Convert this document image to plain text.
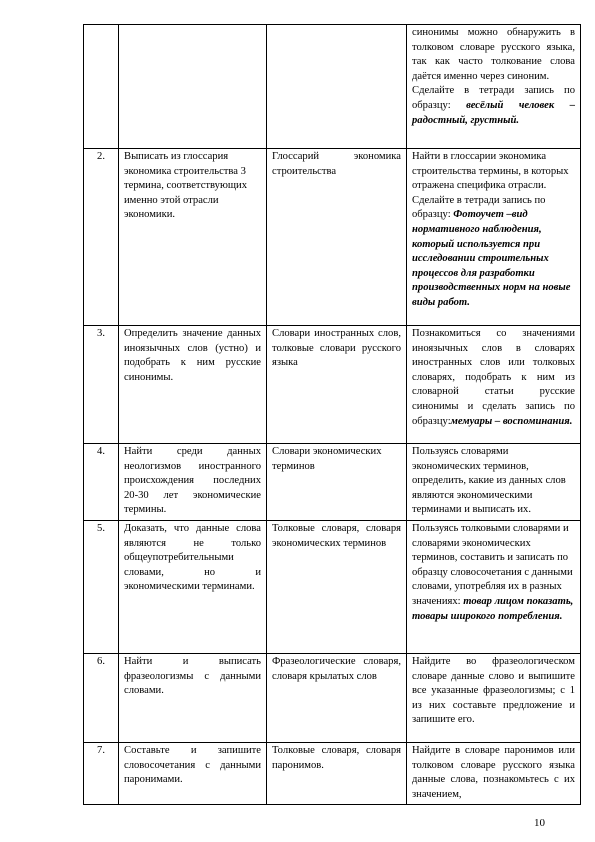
			синонимы можно обнаружить в толковом словаре русского языка, так как часто толкование слова даётся именно через синоним.
Сделайте в тетради запись по образцу: весёлый человек – радостный, грустный.

2.	Выписать из глоссария экономика строительства 3 термина, соответствующих именно этой отрасли экономики.	Глоссарий экономика строительства	Найти в глоссарии экономика строительства термины, в которых отражена специфика отрасли. Сделайте в тетради запись по образцу: Фотоучет –вид нормативного наблюдения, который используется при исследовании строительных процессов для разработки производственных норм на новые виды работ.
3.	Определить значение данных иноязычных слов (устно) и подобрать к ним русские синонимы.	Словари иностранных слов, толковые словари русского языка	Познакомиться со значениями иноязычных слов в словарях иностранных слов или толковых словарях, подобрать к ним из словарной статьи русские синонимы и сделать запись по образцу:мемуары – воспоминания.
4.	Найти среди данных неологизмов иностранного происхождения последних 20-30 лет экономические термины.	Словари экономических терминов	Пользуясь словарями экономических терминов, определить, какие из данных слов являются экономическими терминами и выписать их.
5.	Доказать, что данные слова являются не только общеупотребительными словами, но и экономическими терминами.	Толковые словаря, словаря экономических терминов	Пользуясь толковыми словарями и словарями экономических терминов, составить и записать по образцу словосочетания с данными словами, употребляя их в разных значениях: товар лицом показать, товары широкого потребления.
6.	Найти и выписать фразеологизмы с данными словами.	Фразеологические словаря, словаря крылатых слов	Найдите во фразеологическом словаре данные слово и выпишите все указанные фразеологизмы; с 1 из них составьте предложение и запишите его.
7.	Составьте и запишите словосочетания с данными паронимами.	Толковые словаря, словаря паронимов.	Найдите в словаре паронимов или толковом словаре русского языка данные слова, познакомьтесь с их значением,
10
